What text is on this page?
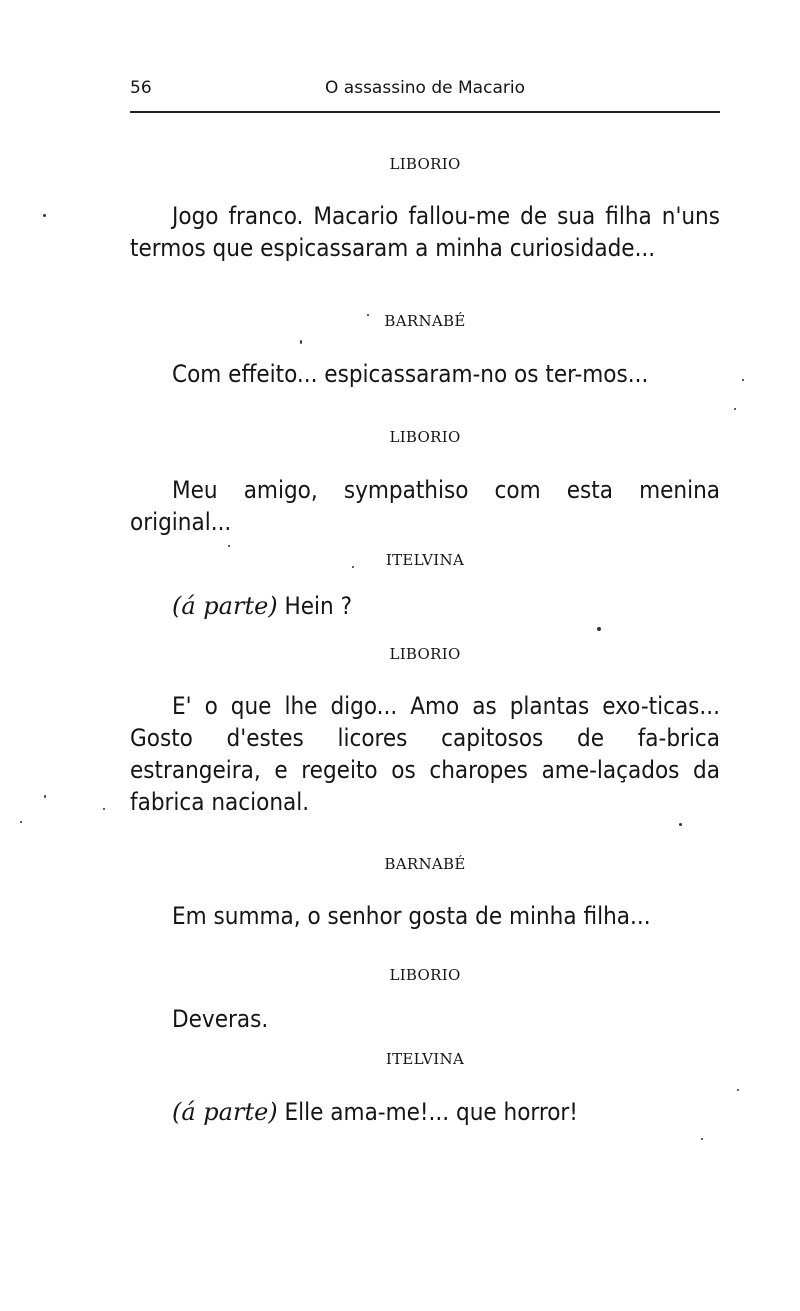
56	O assassino de Macario
LIBORIO

Jogo franco. Macario fallou-me de sua filha n'uns termos que espicassaram a minha curiosidade...

BARNABÉ

Com effeito... espicassaram-no os ter-mos...

LIBORIO

Meu amigo, sympathiso com esta menina original...

ITELVINA

(á parte) Hein ?

LIBORIO

E' o que lhe digo... Amo as plantas exo-ticas... Gosto d'estes licores capitosos de fa-brica estrangeira, e regeito os charopes ame-laçados da fabrica nacional.

BARNABÉ

Em summa, o senhor gosta de minha filha...

LIBORIO

Deveras.

ITELVINA

(á parte) Elle ama-me!... que horror!
